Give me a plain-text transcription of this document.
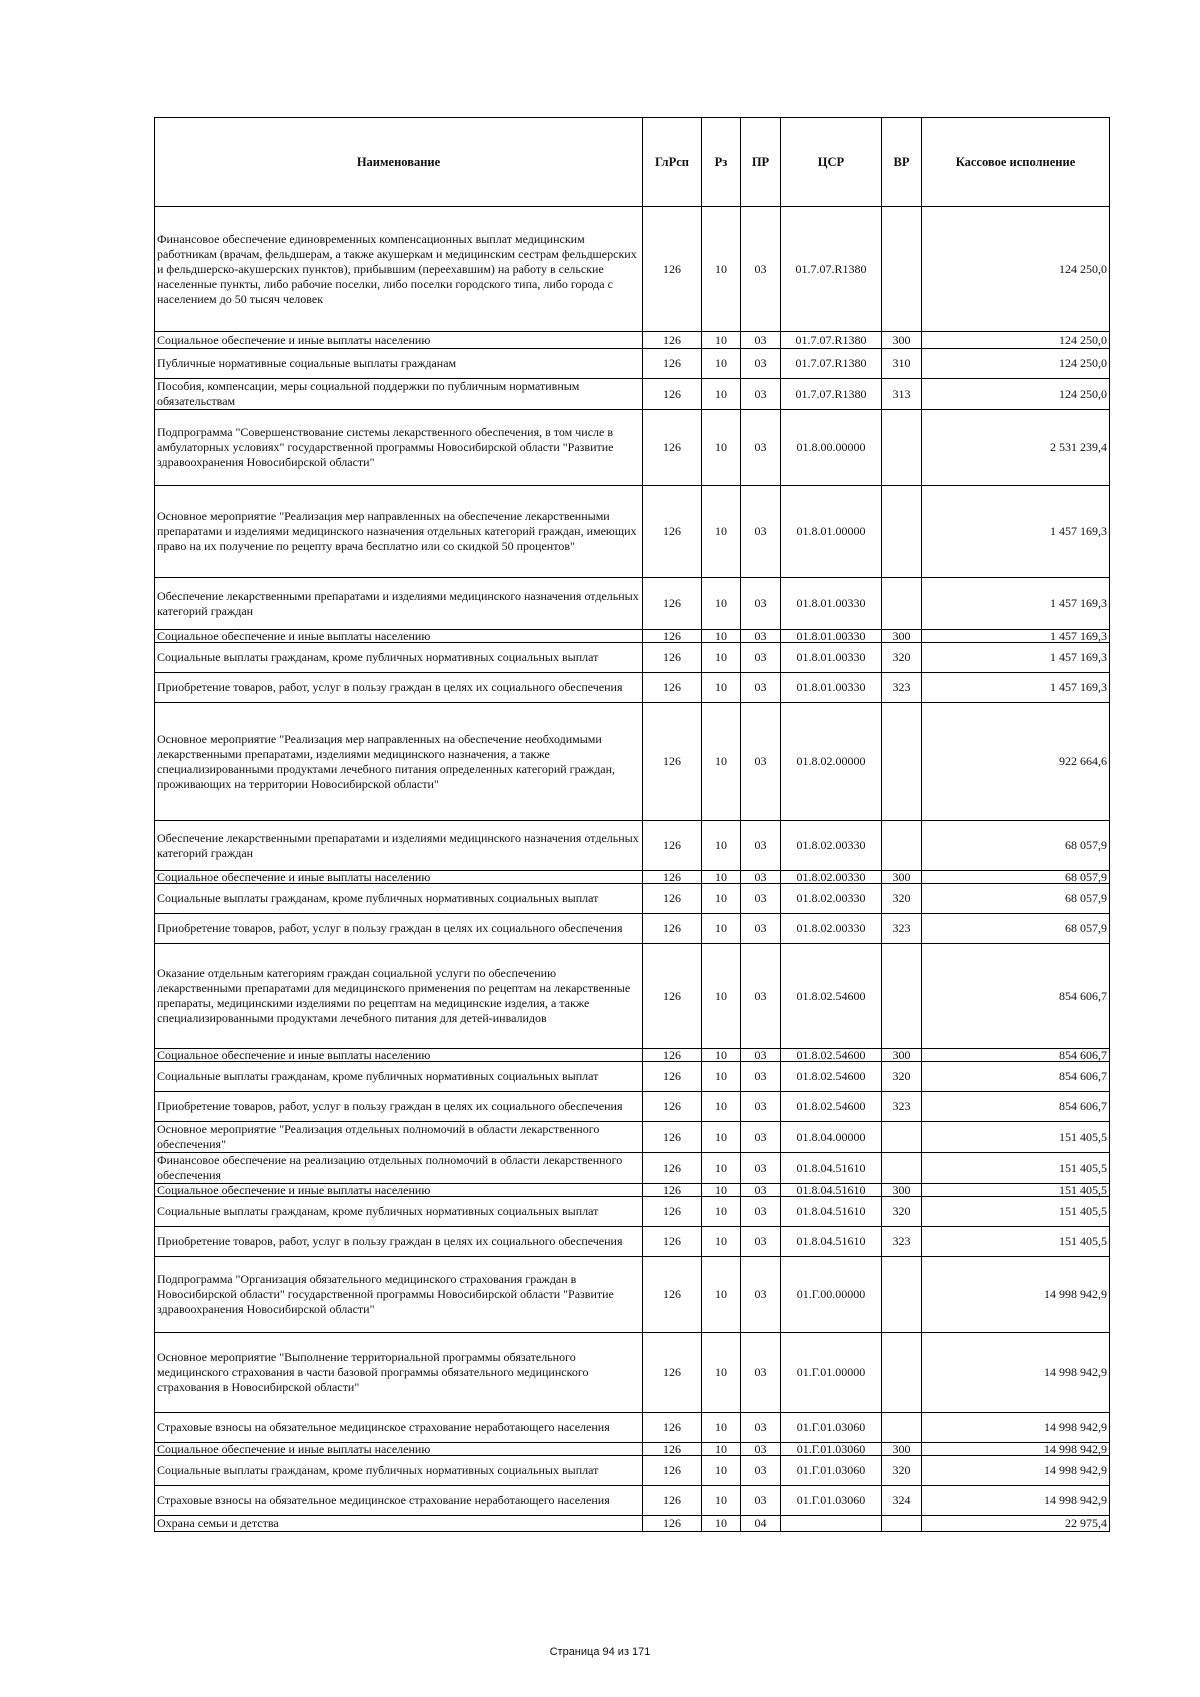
Наименование	ГлРсп	Рз	ПР	ЦСР	ВР	Кассовое исполнение
Финансовое обеспечение единовременных компенсационных выплат медицинским работникам (врачам, фельдшерам, а также акушеркам и медицинским сестрам фельдшерских и фельдшерско-акушерских пунктов), прибывшим (переехавшим) на работу в сельские населенные пункты, либо рабочие поселки, либо поселки городского типа, либо города с населением до 50 тысяч человек	126	10	03	01.7.07.R1380		124 250,0
Социальное обеспечение и иные выплаты населению	126	10	03	01.7.07.R1380	300	124 250,0
Публичные нормативные социальные выплаты гражданам	126	10	03	01.7.07.R1380	310	124 250,0
Пособия, компенсации, меры социальной поддержки по публичным нормативным обязательствам	126	10	03	01.7.07.R1380	313	124 250,0
Подпрограмма "Совершенствование системы лекарственного обеспечения, в том числе в амбулаторных условиях" государственной программы Новосибирской области "Развитие здравоохранения Новосибирской области"	126	10	03	01.8.00.00000		2 531 239,4
Основное мероприятие "Реализация мер направленных на обеспечение лекарственными препаратами и изделиями медицинского назначения отдельных категорий граждан, имеющих право на их получение по рецепту врача бесплатно или со скидкой 50 процентов"	126	10	03	01.8.01.00000		1 457 169,3
Обеспечение лекарственными препаратами и изделиями медицинского назначения отдельных категорий граждан	126	10	03	01.8.01.00330		1 457 169,3
Социальное обеспечение и иные выплаты населению	126	10	03	01.8.01.00330	300	1 457 169,3
Социальные выплаты гражданам, кроме публичных нормативных социальных выплат	126	10	03	01.8.01.00330	320	1 457 169,3
Приобретение товаров, работ, услуг в пользу граждан в целях их социального обеспечения	126	10	03	01.8.01.00330	323	1 457 169,3
Основное мероприятие "Реализация мер направленных на обеспечение необходимыми лекарственными препаратами, изделиями медицинского назначения, а также специализированными продуктами лечебного питания определенных категорий граждан, проживающих на территории Новосибирской области"	126	10	03	01.8.02.00000		922 664,6
Обеспечение лекарственными препаратами и изделиями медицинского назначения отдельных категорий граждан	126	10	03	01.8.02.00330		68 057,9
Социальное обеспечение и иные выплаты населению	126	10	03	01.8.02.00330	300	68 057,9
Социальные выплаты гражданам, кроме публичных нормативных социальных выплат	126	10	03	01.8.02.00330	320	68 057,9
Приобретение товаров, работ, услуг в пользу граждан в целях их социального обеспечения	126	10	03	01.8.02.00330	323	68 057,9
Оказание отдельным категориям граждан социальной услуги по обеспечению лекарственными препаратами для медицинского применения по рецептам на лекарственные препараты, медицинскими изделиями по рецептам на медицинские изделия, а также специализированными продуктами лечебного питания для детей-инвалидов	126	10	03	01.8.02.54600		854 606,7
Социальное обеспечение и иные выплаты населению	126	10	03	01.8.02.54600	300	854 606,7
Социальные выплаты гражданам, кроме публичных нормативных социальных выплат	126	10	03	01.8.02.54600	320	854 606,7
Приобретение товаров, работ, услуг в пользу граждан в целях их социального обеспечения	126	10	03	01.8.02.54600	323	854 606,7
Основное мероприятие "Реализация отдельных полномочий в области лекарственного обеспечения"	126	10	03	01.8.04.00000		151 405,5
Финансовое обеспечение на реализацию отдельных полномочий в области лекарственного обеспечения	126	10	03	01.8.04.51610		151 405,5
Социальное обеспечение и иные выплаты населению	126	10	03	01.8.04.51610	300	151 405,5
Социальные выплаты гражданам, кроме публичных нормативных социальных выплат	126	10	03	01.8.04.51610	320	151 405,5
Приобретение товаров, работ, услуг в пользу граждан в целях их социального обеспечения	126	10	03	01.8.04.51610	323	151 405,5
Подпрограмма "Организация обязательного медицинского страхования граждан в Новосибирской области" государственной программы Новосибирской области "Развитие здравоохранения Новосибирской области"	126	10	03	01.Г.00.00000		14 998 942,9
Основное мероприятие "Выполнение территориальной программы обязательного медицинского страхования в части базовой программы обязательного медицинского страхования в Новосибирской области"	126	10	03	01.Г.01.00000		14 998 942,9
Страховые взносы на обязательное медицинское страхование неработающего населения	126	10	03	01.Г.01.03060		14 998 942,9
Социальное обеспечение и иные выплаты населению	126	10	03	01.Г.01.03060	300	14 998 942,9
Социальные выплаты гражданам, кроме публичных нормативных социальных выплат	126	10	03	01.Г.01.03060	320	14 998 942,9
Страховые взносы на обязательное медицинское страхование неработающего населения	126	10	03	01.Г.01.03060	324	14 998 942,9
Охрана семьи и детства	126	10	04			22 975,4
Страница 94 из 171
